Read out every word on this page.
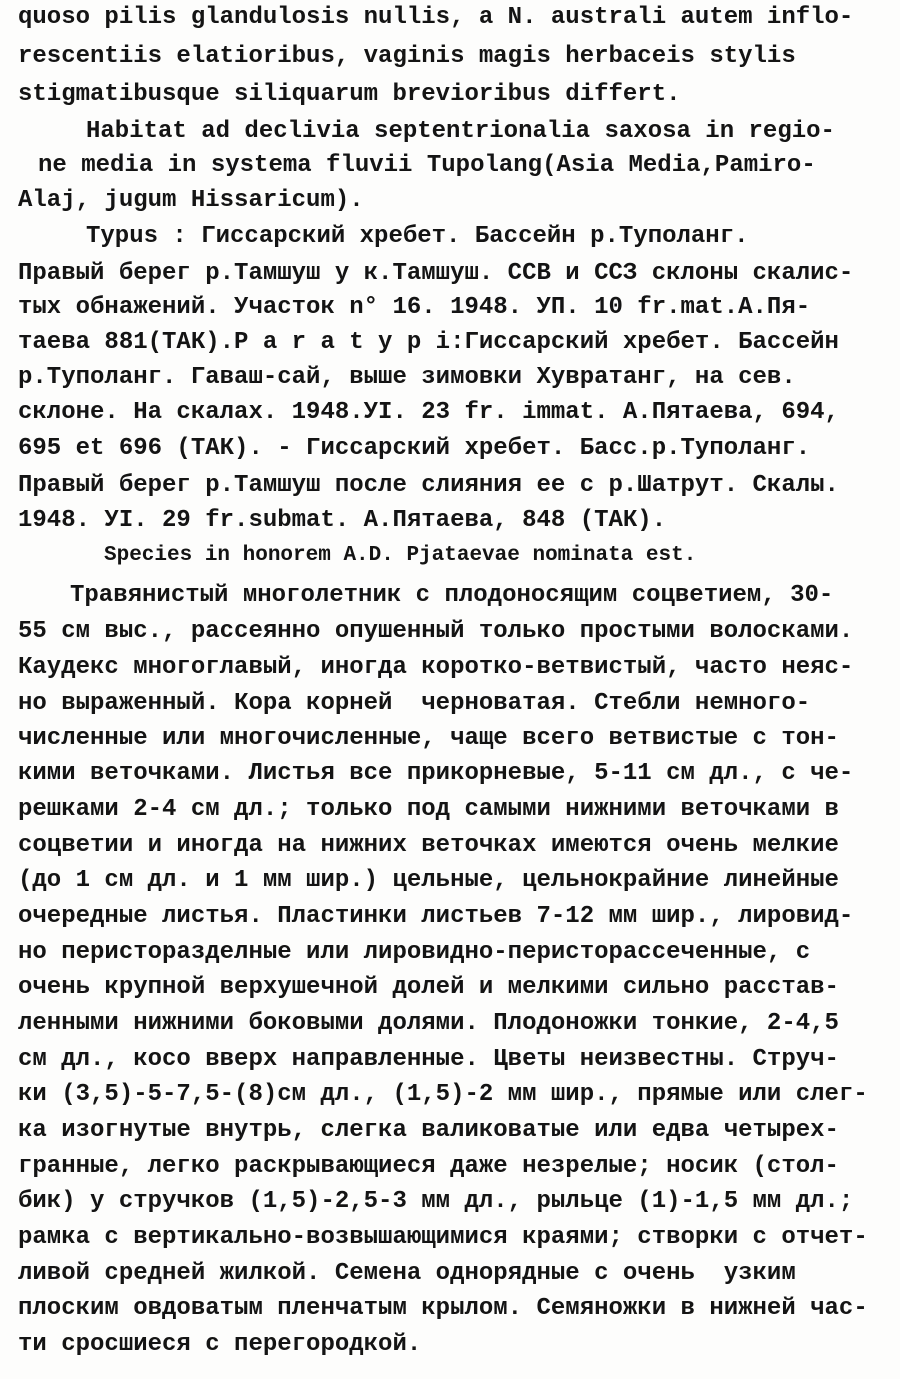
quoso pilis glandulosis nullis, a N. australi autem inflo-
rescentiis elatioribus, vaginis magis herbaceis stylis
stigmatibusque siliquarum brevioribus differt.
Habitat ad declivia septentrionalia saxosa in regio-
ne media in systema fluvii Tupolang(Asia Media,Pamiro-
Alaj, jugum Hissaricum).
Typus : Гиссарский хребет. Бассейн р.Туполанг.
Правый берег р.Тамшуш у к.Тамшуш. ССВ и ССЗ склоны скалис-
тых обнажений. Участок n° 16. 1948. УП. 10 fr.mat.А.Пя-
таева 881(ТАК).P a r a t y p i:Гиссарский хребет. Бассейн
р.Туполанг. Гаваш-сай, выше зимовки Хувратанг, на сев.
склоне. На скалах. 1948.УI. 23 fr. immat. А.Пятаева, 694,
695 et 696 (ТАК). - Гиссарский хребет. Басс.р.Туполанг.
Правый берег р.Тамшуш после слияния ее с р.Шатрут. Скалы.
1948. УI. 29 fr.submat. А.Пятаева, 848 (ТАК).
Species in honorem A.D. Pjataevae nominata est.
Травянистый многолетник с плодоносящим соцветием, 30-
55 см выс., рассеянно опушенный только простыми волосками.
Каудекс многоглавый, иногда коротко-ветвистый, часто неяс-
но выраженный. Кора корней  черноватая. Стебли немного-
численные или многочисленные, чаще всего ветвистые с тон-
кими веточками. Листья все прикорневые, 5-11 см дл., с че-
решками 2-4 см дл.; только под самыми нижними веточками в
соцветии и иногда на нижних веточках имеются очень мелкие
(до 1 см дл. и 1 мм шир.) цельные, цельнокрайние линейные
очередные листья. Пластинки листьев 7-12 мм шир., лировид-
но перисторазделные или лировидно-перисторассеченные, с
очень крупной верхушечной долей и мелкими сильно расстав-
ленными нижними боковыми долями. Плодоножки тонкие, 2-4,5
см дл., косо вверх направленные. Цветы неизвестны. Струч-
ки (3,5)-5-7,5-(8)см дл., (1,5)-2 мм шир., прямые или слег-
ка изогнутые внутрь, слегка валиковатые или едва четырех-
гранные, легко раскрывающиеся даже незрелые; носик (стол-
бик) у стручков (1,5)-2,5-3 мм дл., рыльце (1)-1,5 мм дл.;
рамка с вертикально-возвышающимися краями; створки с отчет-
ливой средней жилкой. Семена однорядные с очень  узким
плоским овдоватым пленчатым крылом. Семяножки в нижней час-
ти сросшиеся с перегородкой.
